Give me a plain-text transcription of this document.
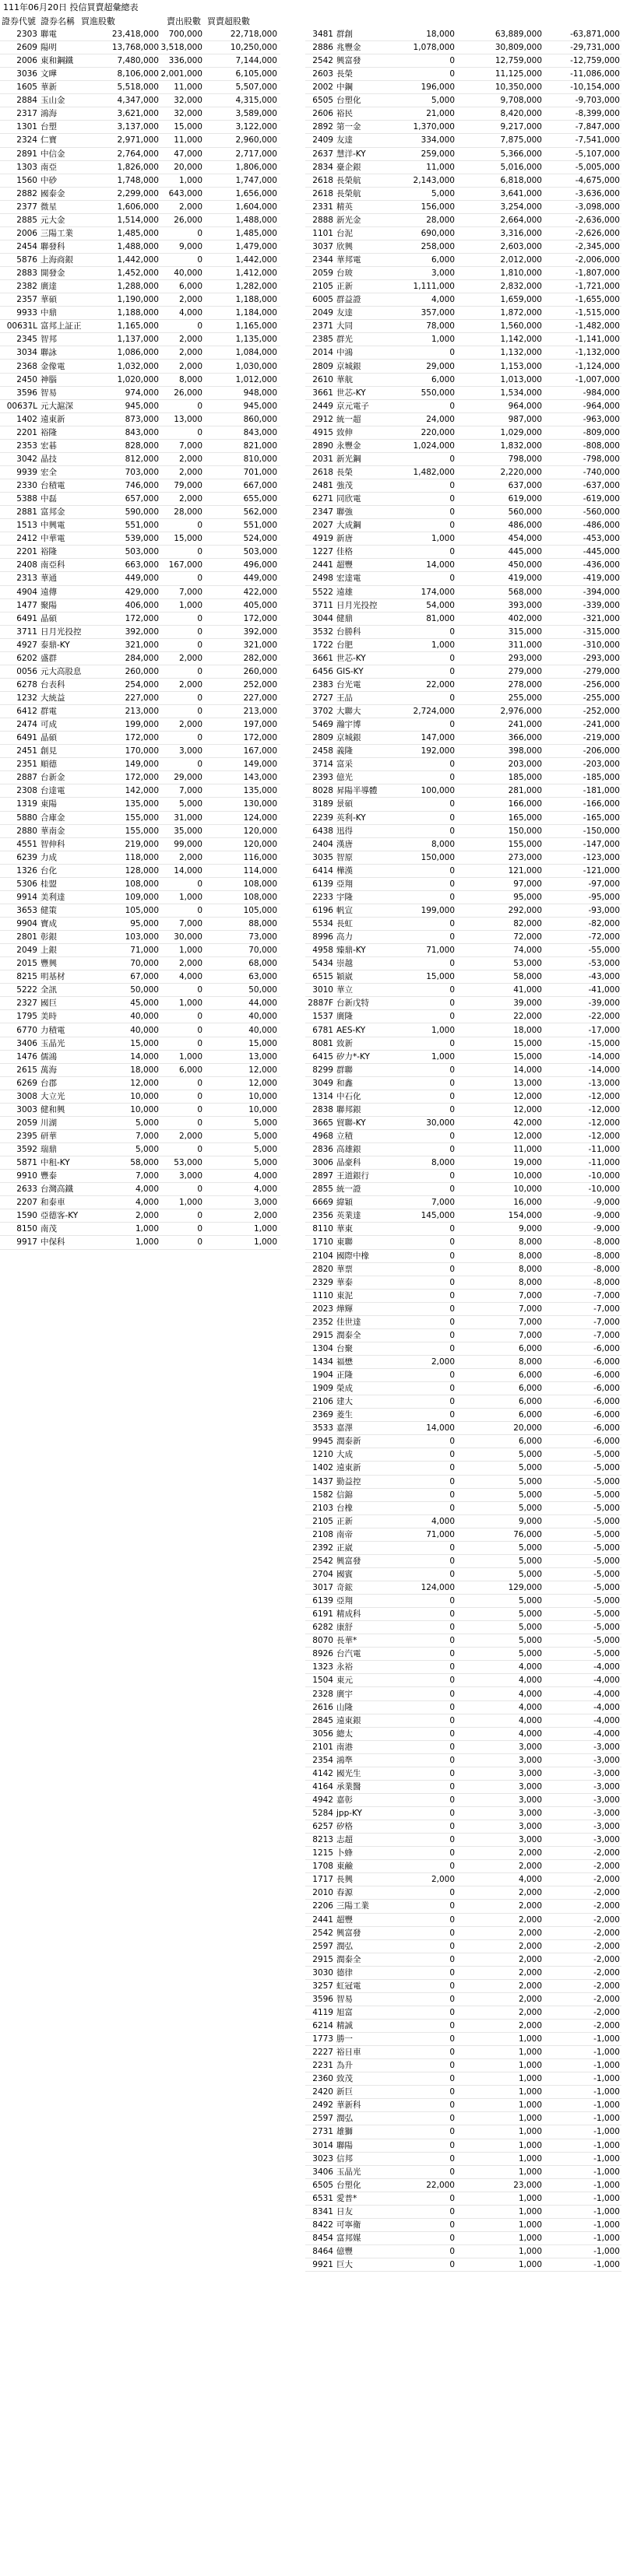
111年06月20日 投信買賣超彙總表
證券代號 證券名稱 買進股數	賣出股數 買賣超股數
2303 聯電	23,418,000	700,000	22,718,000
2609 陽明	13,768,000 3,518,000	10,250,000
2006 東和鋼鐵	7,480,000	336,000	7,144,000
3036 文曄	8,106,000 2,001,000	6,105,000
1605 華新	5,518,000	11,000	5,507,000
2884 玉山金	4,347,000	32,000	4,315,000
2317 鴻海	3,621,000	32,000	3,589,000
1301 台塑	3,137,000	15,000	3,122,000
2324 仁寶	2,971,000	11,000	2,960,000
2891 中信金	2,764,000	47,000	2,717,000
1303 南亞	1,826,000	20,000	1,806,000
1560 中砂	1,748,000	1,000	1,747,000
2882 國泰金	2,299,000	643,000	1,656,000
2377 微星	1,606,000	2,000	1,604,000
2885 元大金	1,514,000	26,000	1,488,000
2006 三陽工業	1,485,000	0	1,485,000
2454 聯發科	1,488,000	9,000	1,479,000
5876 上海商銀	1,442,000	0	1,442,000
2883 開發金	1,452,000	40,000	1,412,000
2382 廣達	1,288,000	6,000	1,282,000
2357 華碩	1,190,000	2,000	1,188,000
9933 中鼎	1,188,000	4,000	1,184,000
00631L 富邦上証正	1,165,000	0	1,165,000
2345 智邦	1,137,000	2,000	1,135,000
3034 聯詠	1,086,000	2,000	1,084,000
2368 金像電	1,032,000	2,000	1,030,000
2450 神腦	1,020,000	8,000	1,012,000
3596 智易	974,000	26,000	948,000
00637L 元大滬深	945,000	0	945,000
1402 遠東新	873,000	13,000	860,000
2201 裕隆	843,000	0	843,000
2353 宏碁	828,000	7,000	821,000
3042 晶技	812,000	2,000	810,000
9939 宏全	703,000	2,000	701,000
2330 台積電	746,000	79,000	667,000
5388 中磊	657,000	2,000	655,000
2881 富邦金	590,000	28,000	562,000
1513 中興電	551,000	0	551,000
2412 中華電	539,000	15,000	524,000
2201 裕隆	503,000	0	503,000
2408 南亞科	663,000	167,000	496,000
2313 華通	449,000	0	449,000
4904 遠傳	429,000	7,000	422,000
1477 聚陽	406,000	1,000	405,000
6491 晶碩	172,000	0	172,000
3711 日月光投控	392,000	0	392,000
4927 泰鼎-KY	321,000	0	321,000
6202 盛群	284,000	2,000	282,000
0056 元大高股息	260,000	0	260,000
6278 台表科	254,000	2,000	252,000
1232 大統益	227,000	0	227,000
6412 群電	213,000	0	213,000
2474 可成	199,000	2,000	197,000
6491 晶碩	172,000	0	172,000
2451 創見	170,000	3,000	167,000
2351 順德	149,000	0	149,000
2887 台新金	172,000	29,000	143,000
2308 台達電	142,000	7,000	135,000
1319 東陽	135,000	5,000	130,000
5880 合庫金	155,000	31,000	124,000
2880 華南金	155,000	35,000	120,000
4551 智伸科	219,000	99,000	120,000
6239 力成	118,000	2,000	116,000
1326 台化	128,000	14,000	114,000
5306 桂盟	108,000	0	108,000
9914 美利達	109,000	1,000	108,000
3653 健策	105,000	0	105,000
9904 寶成	95,000	7,000	88,000
2801 彰銀	103,000	30,000	73,000
2049 上銀	71,000	1,000	70,000
2015 豐興	70,000	2,000	68,000
8215 明基材	67,000	4,000	63,000
5222 全訊	50,000	0	50,000
2327 國巨	45,000	1,000	44,000
1795 美時	40,000	0	40,000
6770 力積電	40,000	0	40,000
3406 玉晶光	15,000	0	15,000
1476 儒鴻	14,000	1,000	13,000
2615 萬海	18,000	6,000	12,000
6269 台郡	12,000	0	12,000
3008 大立光	10,000	0	10,000
3003 健和興	10,000	0	10,000
2059 川湖	5,000	0	5,000
2395 研華	7,000	2,000	5,000
3592 瑞鼎	5,000	0	5,000
5871 中租-KY	58,000	53,000	5,000
9910 豐泰	7,000	3,000	4,000
2633 台灣高鐵	4,000	0	4,000
2207 和泰車	4,000	1,000	3,000
1590 亞德客-KY	2,000	0	2,000
8150 南茂	1,000	0	1,000
9917 中保科	1,000	0	1,000
3481 群創	18,000	63,889,000	-63,871,000
2886 兆豐金	1,078,000	30,809,000	-29,731,000
2542 興富發	0	12,759,000	-12,759,000
2603 長榮	0	11,125,000	-11,086,000
2002 中鋼	196,000	10,350,000	-10,154,000
6505 台塑化	5,000	9,708,000	-9,703,000
2606 裕民	21,000	8,420,000	-8,399,000
2892 第一金	1,370,000	9,217,000	-7,847,000
2409 友達	334,000	7,875,000	-7,541,000
2637 慧洋-KY	259,000	5,366,000	-5,107,000
2834 臺企銀	11,000	5,016,000	-5,005,000
2618 長榮航	2,143,000	6,818,000	-4,675,000
2618 長榮航	5,000	3,641,000	-3,636,000
2331 精英	156,000	3,254,000	-3,098,000
2888 新光金	28,000	2,664,000	-2,636,000
1101 台泥	690,000	3,316,000	-2,626,000
3037 欣興	258,000	2,603,000	-2,345,000
2344 華邦電	6,000	2,012,000	-2,006,000
2059 台玻	3,000	1,810,000	-1,807,000
2105 正新	1,111,000	2,832,000	-1,721,000
6005 群益證	4,000	1,659,000	-1,655,000
2049 友達	357,000	1,872,000	-1,515,000
2371 大同	78,000	1,560,000	-1,482,000
2385 群光	1,000	1,142,000	-1,141,000
2014 中鴻	0	1,132,000	-1,132,000
2809 京城銀	29,000	1,153,000	-1,124,000
2610 華航	6,000	1,013,000	-1,007,000
3661 世芯-KY	550,000	1,534,000	-984,000
2449 京元電子	0	964,000	-964,000
2912 統一超	24,000	987,000	-963,000
4915 致伸	220,000	1,029,000	-809,000
2890 永豐金	1,024,000	1,832,000	-808,000
2031 新光鋼	0	798,000	-798,000
2618 長榮	1,482,000	2,220,000	-740,000
2481 強茂	0	637,000	-637,000
6271 同欣電	0	619,000	-619,000
2347 聯強	0	560,000	-560,000
2027 大成鋼	0	486,000	-486,000
4919 新唐	1,000	454,000	-453,000
1227 佳格	0	445,000	-445,000
2441 超豐	14,000	450,000	-436,000
2498 宏達電	0	419,000	-419,000
5522 遠雄	174,000	568,000	-394,000
3711 日月光投控	54,000	393,000	-339,000
3044 健鼎	81,000	402,000	-321,000
3532 台勝科	0	315,000	-315,000
1722 台肥	1,000	311,000	-310,000
3661 世芯-KY	0	293,000	-293,000
6456 GIS-KY	0	279,000	-279,000
2383 台光電	22,000	278,000	-256,000
2727 王品	0	255,000	-255,000
3702 大聯大	2,724,000	2,976,000	-252,000
5469 瀚宇博	0	241,000	-241,000
2809 京城銀	147,000	366,000	-219,000
2458 義隆	192,000	398,000	-206,000
3714 富采	0	203,000	-203,000
2393 億光	0	185,000	-185,000
8028 昇陽半導體	100,000	281,000	-181,000
3189 景碩	0	166,000	-166,000
2239 英利-KY	0	165,000	-165,000
6438 迅得	0	150,000	-150,000
2404 漢唐	8,000	155,000	-147,000
3035 智原	150,000	273,000	-123,000
6414 樺漢	0	121,000	-121,000
6139 亞翔	0	97,000	-97,000
2233 宇隆	0	95,000	-95,000
6196 帆宣	199,000	292,000	-93,000
5534 長虹	0	82,000	-82,000
8996 高力	0	72,000	-72,000
4958 臻鼎-KY	71,000	74,000	-55,000
5434 崇越	0	53,000	-53,000
6515 穎崴	15,000	58,000	-43,000
3010 華立	0	41,000	-41,000
2887F 台新戊特	0	39,000	-39,000
1537 廣隆	0	22,000	-22,000
6781 AES-KY	1,000	18,000	-17,000
8081 致新	0	15,000	-15,000
6415 矽力*-KY	1,000	15,000	-14,000
8299 群聯	0	14,000	-14,000
3049 和鑫	0	13,000	-13,000
1314 中石化	0	12,000	-12,000
2838 聯邦銀	0	12,000	-12,000
3665 貿聯-KY	30,000	42,000	-12,000
4968 立積	0	12,000	-12,000
2836 高雄銀	0	11,000	-11,000
3006 晶豪科	8,000	19,000	-11,000
2897 王道銀行	0	10,000	-10,000
2855 統一證	0	10,000	-10,000
6669 緯穎	7,000	16,000	-9,000
2356 英業達	145,000	154,000	-9,000
8110 華東	0	9,000	-9,000
1710 東聯	0	8,000	-8,000
2104 國際中橡	0	8,000	-8,000
2820 華票	0	8,000	-8,000
2329 華泰	0	8,000	-8,000
1110 東泥	0	7,000	-7,000
2023 燁輝	0	7,000	-7,000
2352 佳世達	0	7,000	-7,000
2915 潤泰全	0	7,000	-7,000
1304 台聚	0	6,000	-6,000
1434 福懋	2,000	8,000	-6,000
1904 正隆	0	6,000	-6,000
1909 榮成	0	6,000	-6,000
2106 建大	0	6,000	-6,000
2369 菱生	0	6,000	-6,000
3533 嘉澤	14,000	20,000	-6,000
9945 潤泰新	0	6,000	-6,000
1210 大成	0	5,000	-5,000
1402 遠東新	0	5,000	-5,000
1437 勤益控	0	5,000	-5,000
1582 信錦	0	5,000	-5,000
2103 台橡	0	5,000	-5,000
2105 正新	4,000	9,000	-5,000
2108 南帝	71,000	76,000	-5,000
2392 正崴	0	5,000	-5,000
2542 興富發	0	5,000	-5,000
2704 國賓	0	5,000	-5,000
3017 奇鋐	124,000	129,000	-5,000
6139 亞翔	0	5,000	-5,000
6191 精成科	0	5,000	-5,000
6282 康舒	0	5,000	-5,000
8070 長華*	0	5,000	-5,000
8926 台汽電	0	5,000	-5,000
1323 永裕	0	4,000	-4,000
1504 東元	0	4,000	-4,000
2328 廣宇	0	4,000	-4,000
2616 山隆	0	4,000	-4,000
2845 遠東銀	0	4,000	-4,000
3056 總太	0	4,000	-4,000
2101 南港	0	3,000	-3,000
2354 鴻準	0	3,000	-3,000
4142 國光生	0	3,000	-3,000
4164 承業醫	0	3,000	-3,000
4942 嘉彰	0	3,000	-3,000
5284 jpp-KY	0	3,000	-3,000
6257 矽格	0	3,000	-3,000
8213 志超	0	3,000	-3,000
1215 卜蜂	0	2,000	-2,000
1708 東鹼	0	2,000	-2,000
1717 長興	2,000	4,000	-2,000
2010 春源	0	2,000	-2,000
2206 三陽工業	0	2,000	-2,000
2441 超豐	0	2,000	-2,000
2542 興富發	0	2,000	-2,000
2597 潤弘	0	2,000	-2,000
2915 潤泰全	0	2,000	-2,000
3030 德律	0	2,000	-2,000
3257 虹冠電	0	2,000	-2,000
3596 智易	0	2,000	-2,000
4119 旭富	0	2,000	-2,000
6214 精誠	0	2,000	-2,000
1773 勝一	0	1,000	-1,000
2227 裕日車	0	1,000	-1,000
2231 為升	0	1,000	-1,000
2360 致茂	0	1,000	-1,000
2420 新巨	0	1,000	-1,000
2492 華新科	0	1,000	-1,000
2597 潤弘	0	1,000	-1,000
2731 雄獅	0	1,000	-1,000
3014 聯陽	0	1,000	-1,000
3023 信邦	0	1,000	-1,000
3406 玉晶光	0	1,000	-1,000
6505 台塑化	22,000	23,000	-1,000
6531 愛普*	0	1,000	-1,000
8341 日友	0	1,000	-1,000
8422 可寧衛	0	1,000	-1,000
8454 富邦媒	0	1,000	-1,000
8464 億豐	0	1,000	-1,000
9921 巨大	0	1,000	-1,000
